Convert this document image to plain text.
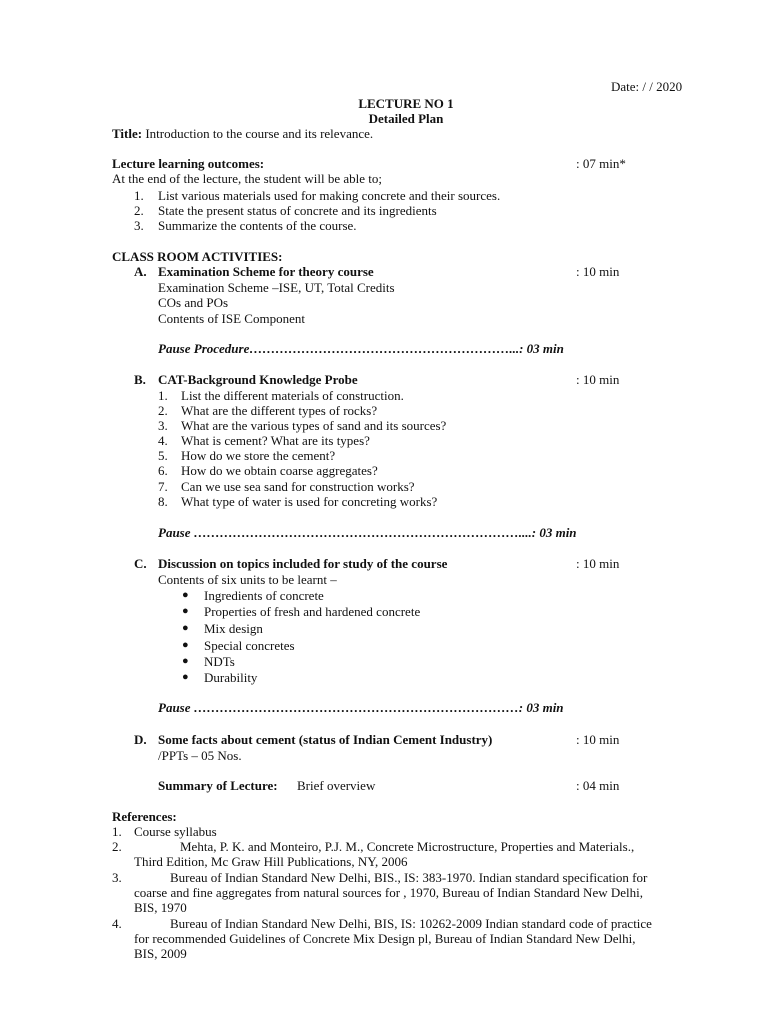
Date: / / 2020
LECTURE NO 1
Detailed Plan
Title: Introduction to the course and its relevance.
Lecture learning outcomes:	: 07 min*
At the end of the lecture, the student will be able to;
1. List various materials used for making concrete and their sources.
2. State the present status of concrete and its ingredients
3. Summarize the contents of the course.
CLASS ROOM ACTIVITIES:
A. Examination Scheme for theory course	: 10 min
Examination Scheme –ISE, UT, Total Credits
COs and POs
Contents of ISE Component
Pause Procedure……………………………………………………...: 03 min
B. CAT-Background Knowledge Probe	: 10 min
1. List the different materials of construction.
2. What are the different types of rocks?
3. What are the various types of sand and its sources?
4. What is cement? What are its types?
5. How do we store the cement?
6. How do we obtain coarse aggregates?
7. Can we use sea sand for construction works?
8. What type of water is used for concreting works?
Pause …………………………………………………………………....: 03 min
C. Discussion on topics included for study of the course	: 10 min
Contents of six units to be learnt –
● Ingredients of concrete
● Properties of fresh and hardened concrete
● Mix design
● Special concretes
● NDTs
● Durability
Pause …………………………………………………………………: 03 min
D. Some facts about cement (status of Indian Cement Industry)	: 10 min
/PPTs – 05 Nos.
Summary of Lecture: Brief overview	: 04 min
References:
1. Course syllabus
2.	Mehta, P. K. and Monteiro, P.J. M., Concrete Microstructure, Properties and Materials.,
Third Edition, Mc Graw Hill Publications, NY, 2006
3.	Bureau of Indian Standard New Delhi, BIS., IS: 383-1970. Indian standard specification for
coarse and fine aggregates from natural sources for , 1970, Bureau of Indian Standard New Delhi,
BIS, 1970
4.	Bureau of Indian Standard New Delhi, BIS, IS: 10262-2009 Indian standard code of practice
for recommended Guidelines of Concrete Mix Design pl, Bureau of Indian Standard New Delhi,
BIS, 2009
